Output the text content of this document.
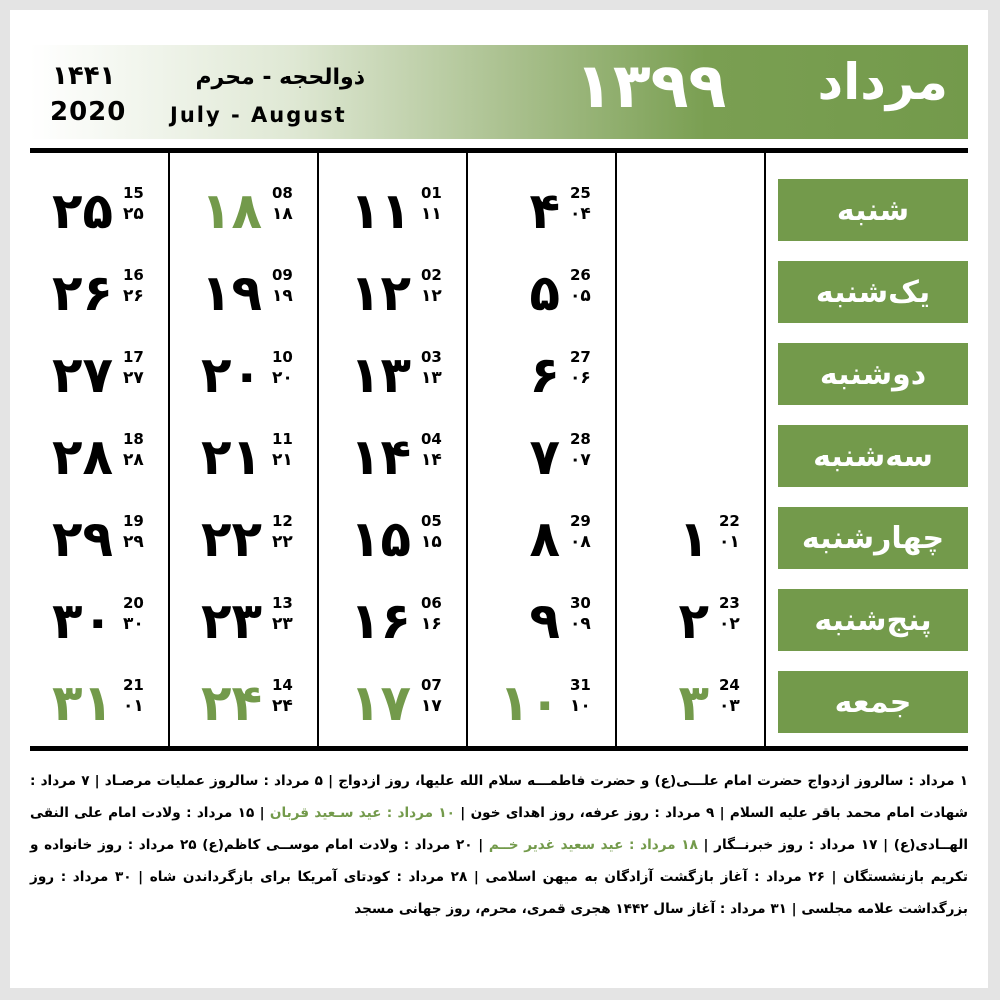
مرداد
۱۳۹۹
ذوالحجه - محرم
July - August
۱۴۴۱
2020
شنبه
یک‌شنبه
دوشنبه
سه‌شنبه
چهارشنبه
پنج‌شنبه
جمعه
۱ 22
۰۱
۲ 23
۰۲
۳ 24
۰۳
۴ 25
۰۴
۵ 26
۰۵
۶ 27
۰۶
۷ 28
۰۷
۸ 29
۰۸
۹ 30
۰۹
۱۰ 31
۱۰
۱۱ 01
۱۱
۱۲ 02
۱۲
۱۳ 03
۱۳
۱۴ 04
۱۴
۱۵ 05
۱۵
۱۶ 06
۱۶
۱۷ 07
۱۷
۱۸ 08
۱۸
۱۹ 09
۱۹
۲۰ 10
۲۰
۲۱ 11
۲۱
۲۲ 12
۲۲
۲۳ 13
۲۳
۲۴ 14
۲۴
۲۵ 15
۲۵
۲۶ 16
۲۶
۲۷ 17
۲۷
۲۸ 18
۲۸
۲۹ 19
۲۹
۳۰ 20
۳۰
۳۱ 21
۰۱
۱ مرداد : سالروز ازدواج حضرت امام علـــی(ع) و حضرت فاطمـــه سلام الله علیها، روز ازدواج | ۵ مرداد : سالروز عملیات مرصـاد | ۷ مرداد : شهادت امام محمد باقر علیه السلام | ۹ مرداد : روز عرفه، روز اهدای خون | ۱۰ مرداد : عید سـعید قربان | ۱۵ مرداد : ولادت امام علی النقی الهــادی(ع) | ۱۷ مرداد : روز خبرنــگار | ۱۸ مرداد : عید سعید غدیر خــم | ۲۰ مرداد : ولادت امام موســی کاظم(ع) ۲۵ مرداد : روز خانواده و تکریم بازنشستگان | ۲۶ مرداد : آغاز بازگشت آزادگان به میهن اسلامی | ۲۸ مرداد : کودتای آمریکا برای بازگرداندن شاه | ۳۰ مرداد : روز بزرگداشت علامه مجلسی | ۳۱ مرداد : آغاز سال ۱۴۴۲ هجری قمری، محرم، روز جهانی مسجد
